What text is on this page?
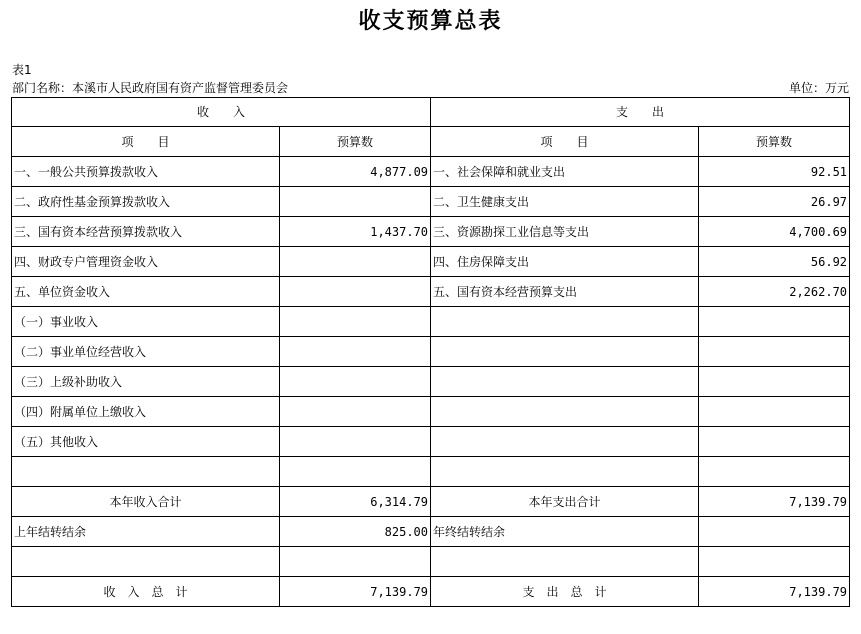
收支预算总表
表1
部门名称：本溪市人民政府国有资产监督管理委员会	单位：万元
收　　入		支　　出	
项　　目	预算数	项　　目	预算数
一、一般公共预算拨款收入	4,877.09	一、社会保障和就业支出	92.51
二、政府性基金预算拨款收入		二、卫生健康支出	26.97
三、国有资本经营预算拨款收入	1,437.70	三、资源勘探工业信息等支出	4,700.69
四、财政专户管理资金收入		四、住房保障支出	56.92
五、单位资金收入		五、国有资本经营预算支出	2,262.70
（一）事业收入			
（二）事业单位经营收入			
（三）上级补助收入			
（四）附属单位上缴收入			
（五）其他收入			

本年收入合计	6,314.79	本年支出合计	7,139.79
上年结转结余	825.00	年终结转结余	

收　入　总　计	7,139.79	支　出　总　计	7,139.79
